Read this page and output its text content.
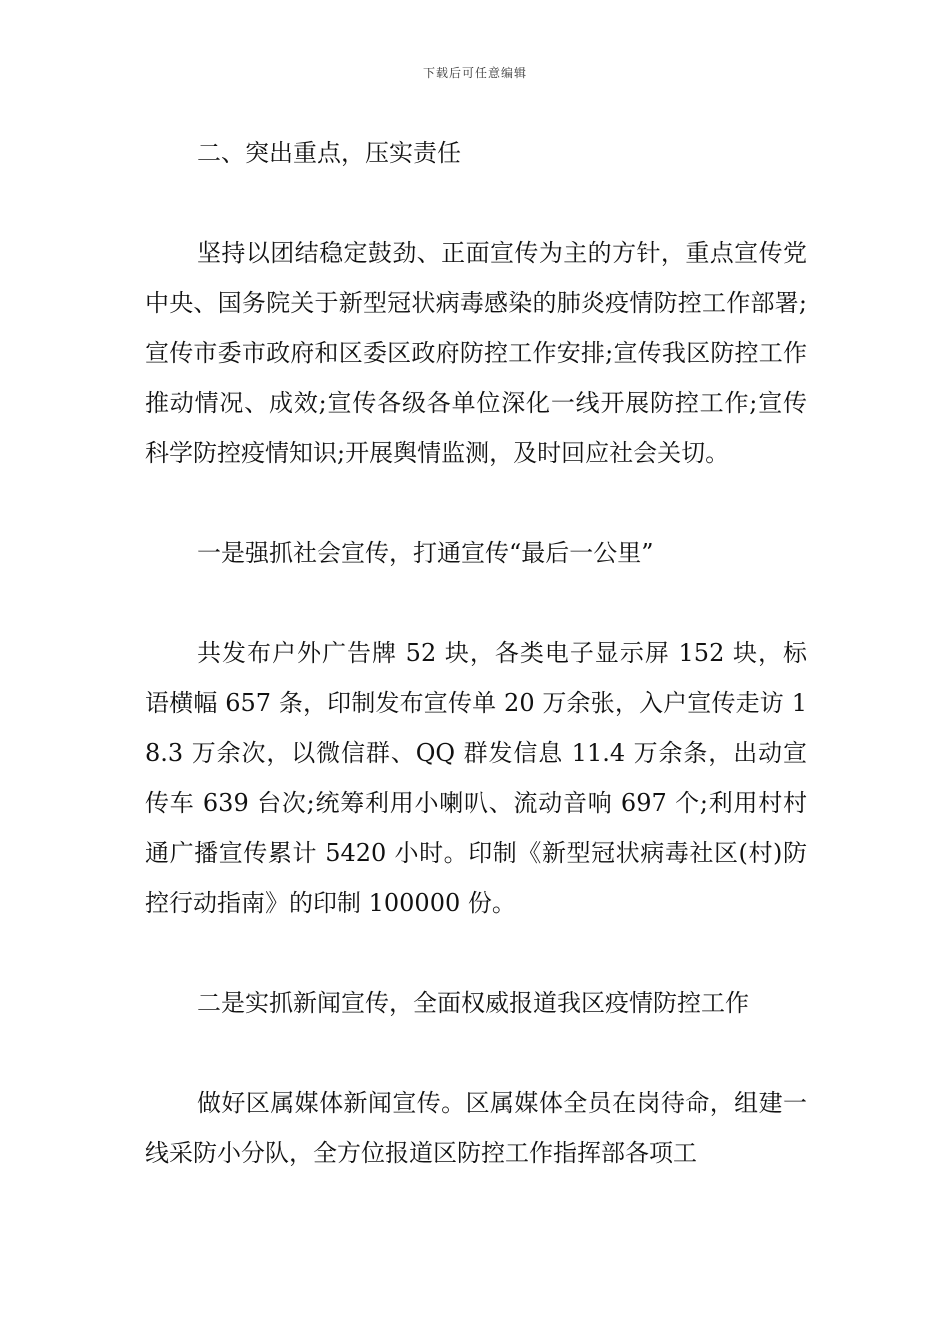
下载后可任意编辑
二、突出重点，压实责任

坚持以团结稳定鼓劲、正面宣传为主的方针，重点宣传党中央、国务院关于新型冠状病毒感染的肺炎疫情防控工作部署;宣传市委市政府和区委区政府防控工作安排;宣传我区防控工作推动情况、成效;宣传各级各单位深化一线开展防控工作;宣传科学防控疫情知识;开展舆情监测，及时回应社会关切。

一是强抓社会宣传，打通宣传“最后一公里”

共发布户外广告牌 52 块，各类电子显示屏 152 块，标语横幅 657 条，印制发布宣传单 20 万余张，入户宣传走访 18.3 万余次，以微信群、QQ 群发信息 11.4 万余条，出动宣传车 639 台次;统筹利用小喇叭、流动音响 697 个;利用村村通广播宣传累计 5420 小时。印制《新型冠状病毒社区(村)防控行动指南》的印制 100000 份。

二是实抓新闻宣传，全面权威报道我区疫情防控工作

做好区属媒体新闻宣传。区属媒体全员在岗待命，组建一线采防小分队，全方位报道区防控工作指挥部各项工
